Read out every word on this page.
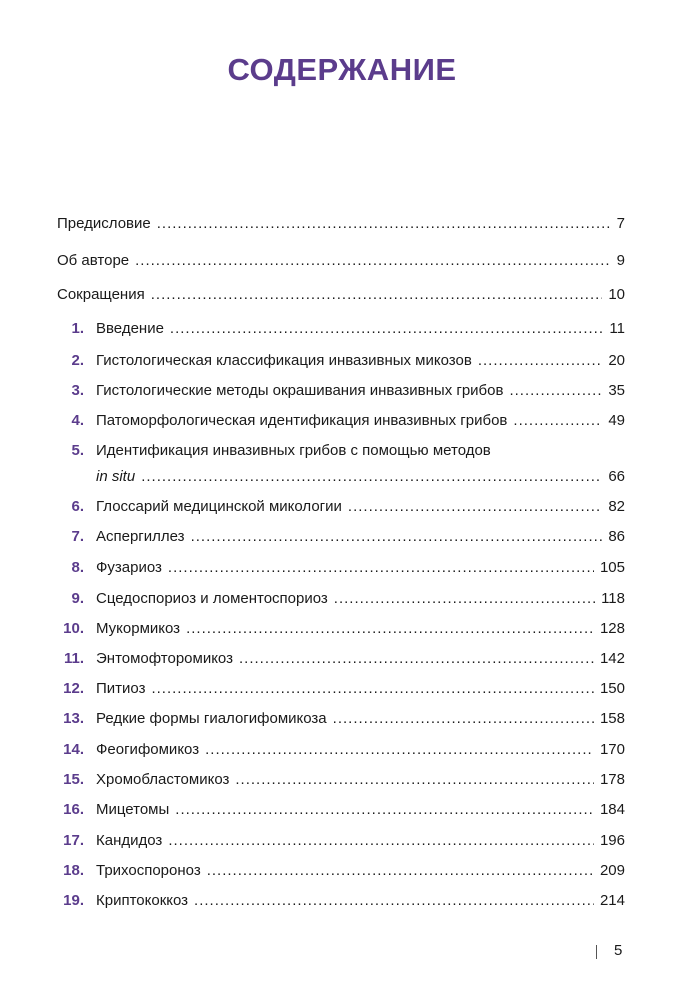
СОДЕРЖАНИЕ
Предисловие .....	7
Об авторе .....	9
Сокращения .....	10
1. Введение .....	11
2. Гистологическая классификация инвазивных микозов .....	20
3. Гистологические методы окрашивания инвазивных грибов .....	35
4. Патоморфологическая идентификация инвазивных грибов .....	49
5. Идентификация инвазивных грибов с помощью методов
in situ .....	66
6. Глоссарий медицинской микологии .....	82
7. Аспергиллез .....	86
8. Фузариоз .....	105
9. Сцедоспориоз и ломентоспориоз .....	118
10. Мукормикоз .....	128
11. Энтомофторомикоз .....	142
12. Питиоз .....	150
13. Редкие формы гиалогифомикоза .....	158
14. Феогифомикоз .....	170
15. Хромобластомикоз .....	178
16. Мицетомы .....	184
17. Кандидоз .....	196
18. Трихоспороноз .....	209
19. Криптококкоз .....	214
5
